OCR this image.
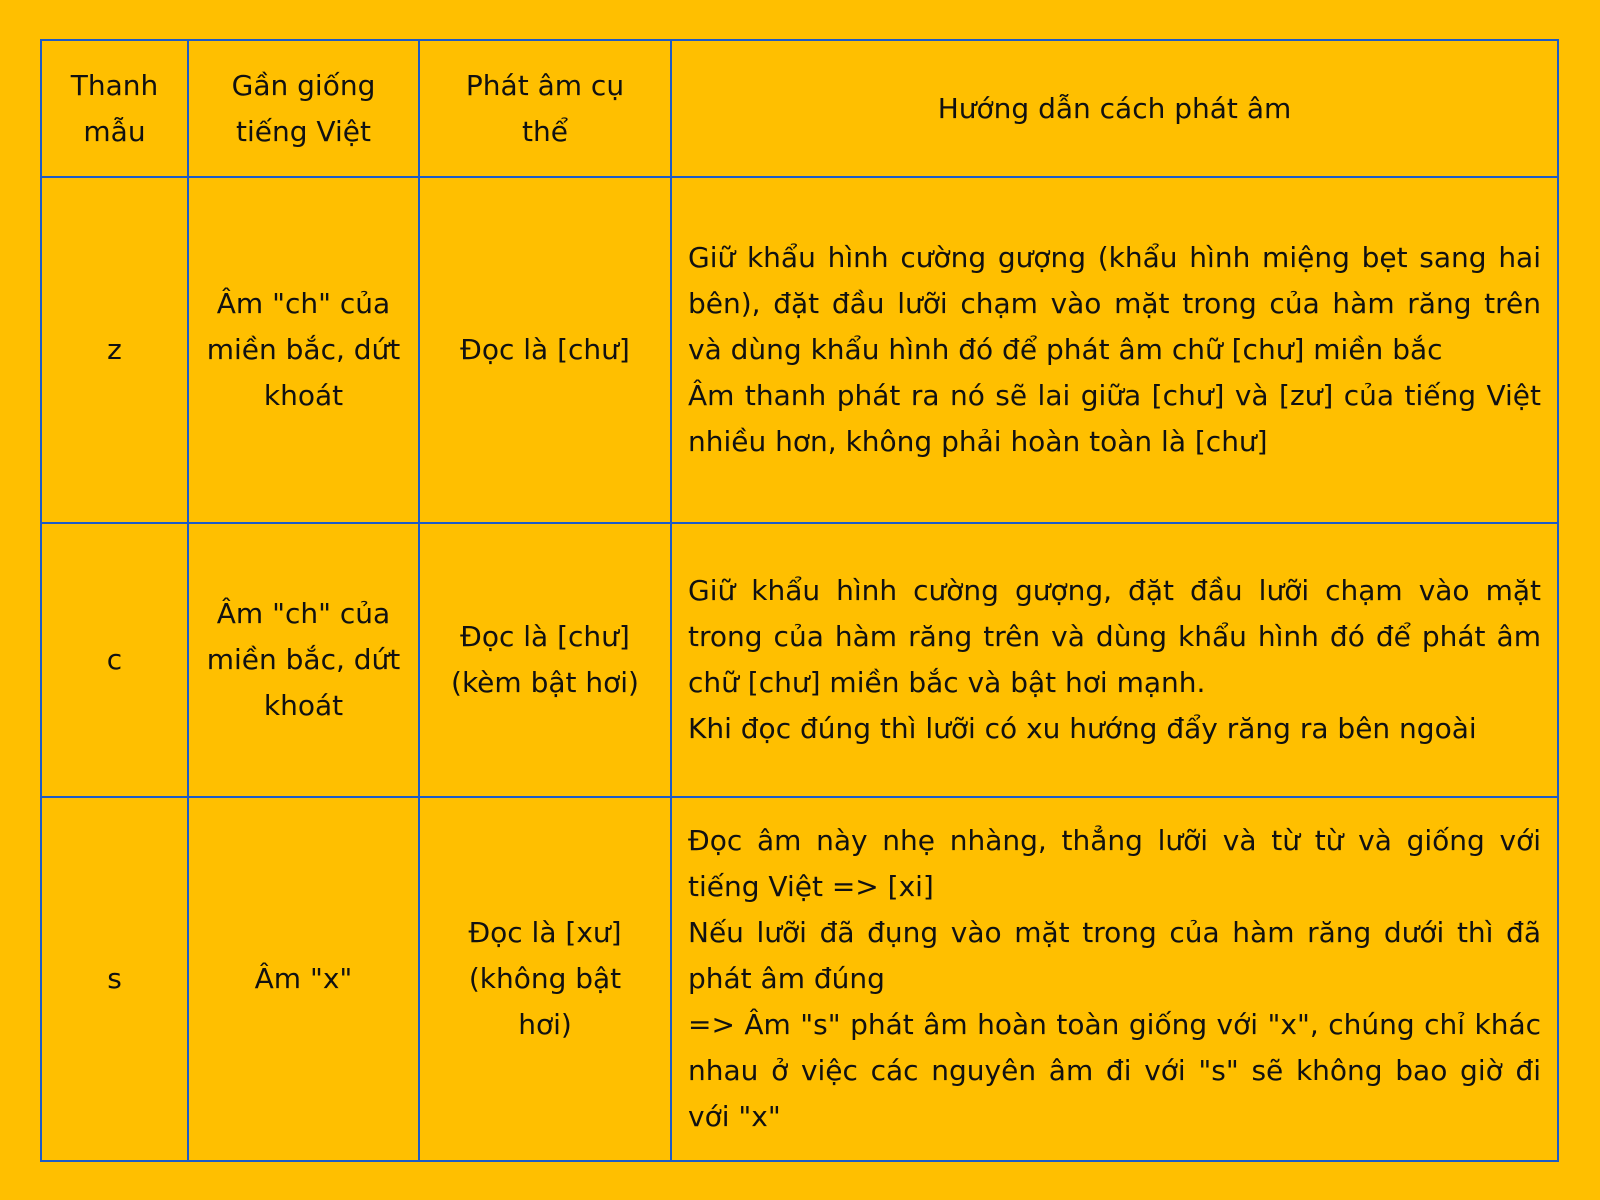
Thanh mẫu	Gần giống tiếng Việt	Phát âm cụ thể	Hướng dẫn cách phát âm
z	Âm "ch" của miền bắc, dứt khoát	Đọc là [chư]	Giữ khẩu hình cường gượng (khẩu hình miệng bẹt sang hai bên), đặt đầu lưỡi chạm vào mặt trong của hàm răng trên và dùng khẩu hình đó để phát âm chữ [chư] miền bắc
Âm thanh phát ra nó sẽ lai giữa [chư] và [zư] của tiếng Việt nhiều hơn, không phải hoàn toàn là [chư]

c	Âm "ch" của miền bắc, dứt khoát	Đọc là [chư] (kèm bật hơi)	Giữ khẩu hình cường gượng, đặt đầu lưỡi chạm vào mặt trong của hàm răng trên và dùng khẩu hình đó để phát âm chữ [chư] miền bắc và bật hơi mạnh.
Khi đọc đúng thì lưỡi có xu hướng đẩy răng ra bên ngoài

s	Âm "x"	Đọc là [xư] (không bật hơi)	Đọc âm này nhẹ nhàng, thẳng lưỡi và từ từ và giống với tiếng Việt => [xi]
Nếu lưỡi đã đụng vào mặt trong của hàm răng dưới thì đã phát âm đúng
=> Âm "s" phát âm hoàn toàn giống với "x", chúng chỉ khác nhau ở việc các nguyên âm đi với "s" sẽ không bao giờ đi với "x"
